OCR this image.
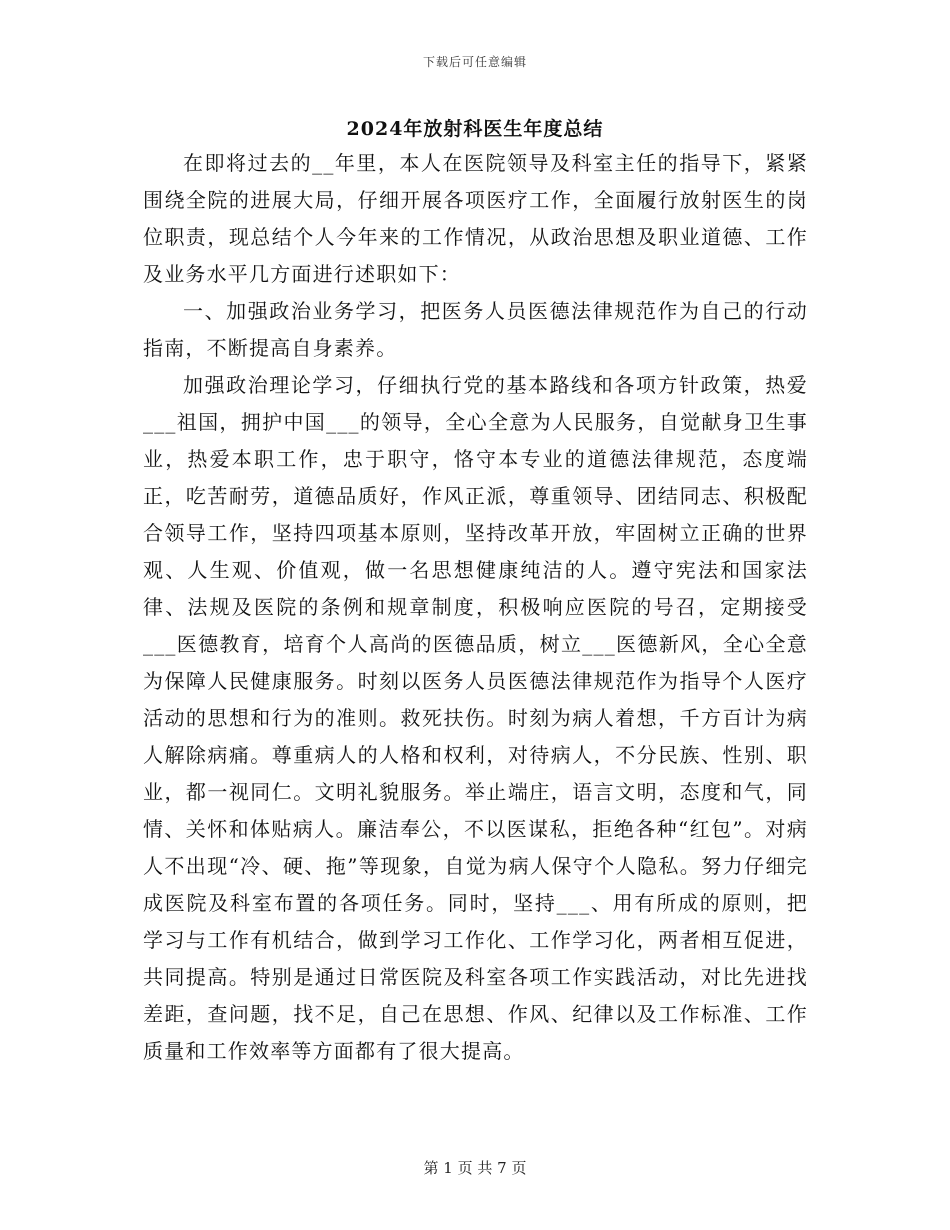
下载后可任意编辑
2024年放射科医生年度总结

在即将过去的__年里，本人在医院领导及科室主任的指导下，紧紧围绕全院的进展大局，仔细开展各项医疗工作，全面履行放射医生的岗位职责，现总结个人今年来的工作情况，从政治思想及职业道德、工作及业务水平几方面进行述职如下：

一、加强政治业务学习，把医务人员医德法律规范作为自己的行动指南，不断提高自身素养。

加强政治理论学习，仔细执行党的基本路线和各项方针政策，热爱___祖国，拥护中国___的领导，全心全意为人民服务，自觉献身卫生事业，热爱本职工作，忠于职守，恪守本专业的道德法律规范，态度端正，吃苦耐劳，道德品质好，作风正派，尊重领导、团结同志、积极配合领导工作，坚持四项基本原则，坚持改革开放，牢固树立正确的世界观、人生观、价值观，做一名思想健康纯洁的人。遵守宪法和国家法律、法规及医院的条例和规章制度，积极响应医院的号召，定期接受___医德教育，培育个人高尚的医德品质，树立___医德新风，全心全意为保障人民健康服务。时刻以医务人员医德法律规范作为指导个人医疗活动的思想和行为的准则。救死扶伤。时刻为病人着想，千方百计为病人解除病痛。尊重病人的人格和权利，对待病人，不分民族、性别、职业，都一视同仁。文明礼貌服务。举止端庄，语言文明，态度和气，同情、关怀和体贴病人。廉洁奉公，不以医谋私，拒绝各种“红包”。对病人不出现“冷、硬、拖”等现象，自觉为病人保守个人隐私。努力仔细完成医院及科室布置的各项任务。同时，坚持___、用有所成的原则，把学习与工作有机结合，做到学习工作化、工作学习化，两者相互促进，共同提高。特别是通过日常医院及科室各项工作实践活动，对比先进找差距，查问题，找不足，自己在思想、作风、纪律以及工作标准、工作质量和工作效率等方面都有了很大提高。

第 1 页 共 7 页
